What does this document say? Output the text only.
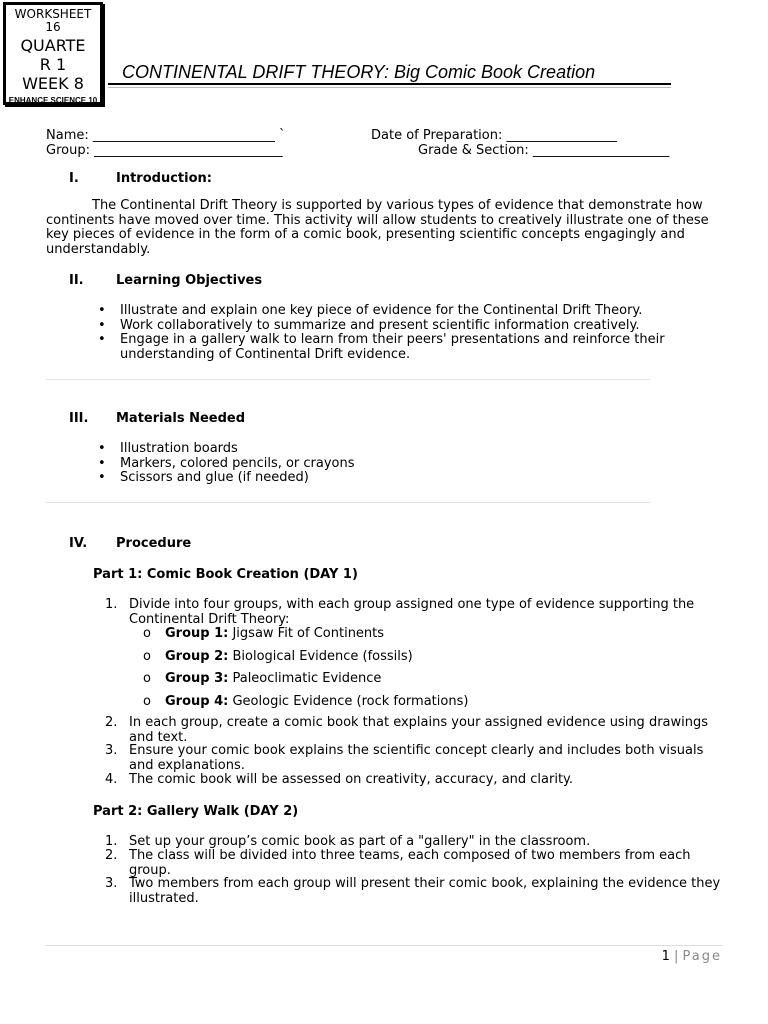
WORKSHEET
16
QUARTE
R 1
WEEK 8
ENHANCE SCIENCE 10
CONTINENTAL DRIFT THEORY: Big Comic Book Creation
Name: ____________________________ `	Date of Preparation: _________________
Group: _____________________________	Grade & Section: _____________________
I.	Introduction:
The Continental Drift Theory is supported by various types of evidence that demonstrate how
continents have moved over time. This activity will allow students to creatively illustrate one of these
key pieces of evidence in the form of a comic book, presenting scientific concepts engagingly and
understandably.
II. Learning Objectives
• Illustrate and explain one key piece of evidence for the Continental Drift Theory.
• Work collaboratively to summarize and present scientific information creatively.
• Engage in a gallery walk to learn from their peers' presentations and reinforce their
understanding of Continental Drift evidence.
III. Materials Needed
• Illustration boards
• Markers, colored pencils, or crayons
• Scissors and glue (if needed)
IV. Procedure
Part 1: Comic Book Creation (DAY 1)
1. Divide into four groups, with each group assigned one type of evidence supporting the
Continental Drift Theory:
o Group 1: Jigsaw Fit of Continents
o Group 2: Biological Evidence (fossils)
o Group 3: Paleoclimatic Evidence
o Group 4: Geologic Evidence (rock formations)
2. In each group, create a comic book that explains your assigned evidence using drawings
and text.
3. Ensure your comic book explains the scientific concept clearly and includes both visuals
and explanations.
4. The comic book will be assessed on creativity, accuracy, and clarity.
Part 2: Gallery Walk (DAY 2)
1. Set up your group’s comic book as part of a "gallery" in the classroom.
2. The class will be divided into three teams, each composed of two members from each
group.
3. Two members from each group will present their comic book, explaining the evidence they
illustrated.
1 | Page
